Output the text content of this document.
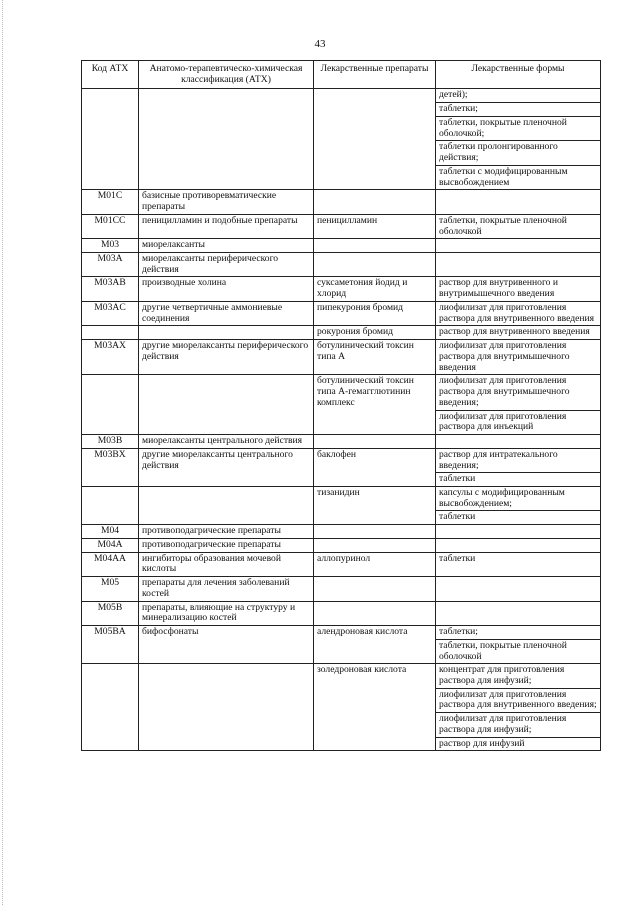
43
Код АТХ	Анатомо-терапевтическо-химическая классификация (АТХ)	Лекарственные препараты	Лекарственные формы
			детей);
			таблетки;
			таблетки, покрытые пленочной оболочкой;
			таблетки пролонгированного действия;
			таблетки с модифицированным высвобождением
M01C	базисные противоревматические препараты		
M01CC	пеницилламин и подобные препараты	пеницилламин	таблетки, покрытые пленочной оболочкой
M03	миорелаксанты		
M03A	миорелаксанты периферического действия		
M03AB	производные холина	суксаметония йодид и хлорид	раствор для внутривенного и внутримышечного введения
M03AC	другие четвертичные аммониевые соединения	пипекурония бромид	лиофилизат для приготовления раствора для внутривенного введения
		рокурония бромид	раствор для внутривенного введения
M03AX	другие миорелаксанты периферического действия	ботулинический токсин типа А	лиофилизат для приготовления раствора для внутримышечного введения
		ботулинический токсин типа А-гемагглютинин комплекс	лиофилизат для приготовления раствора для внутримышечного введения;
			лиофилизат для приготовления раствора для инъекций
M03B	миорелаксанты центрального действия		
M03BX	другие миорелаксанты центрального действия	баклофен	раствор для интратекального введения;
			таблетки
		тизанидин	капсулы с модифицированным высвобождением;
			таблетки
M04	противоподагрические препараты		
M04A	противоподагрические препараты		
M04AA	ингибиторы образования мочевой кислоты	аллопуринол	таблетки
M05	препараты для лечения заболеваний костей		
M05B	препараты, влияющие на структуру и минерализацию костей		
M05BA	бифосфонаты	алендроновая кислота	таблетки;
			таблетки, покрытые пленочной оболочкой
		золедроновая кислота	концентрат для приготовления раствора для инфузий;
			лиофилизат для приготовления раствора для внутривенного введения;
			лиофилизат для приготовления раствора для инфузий;
			раствор для инфузий
